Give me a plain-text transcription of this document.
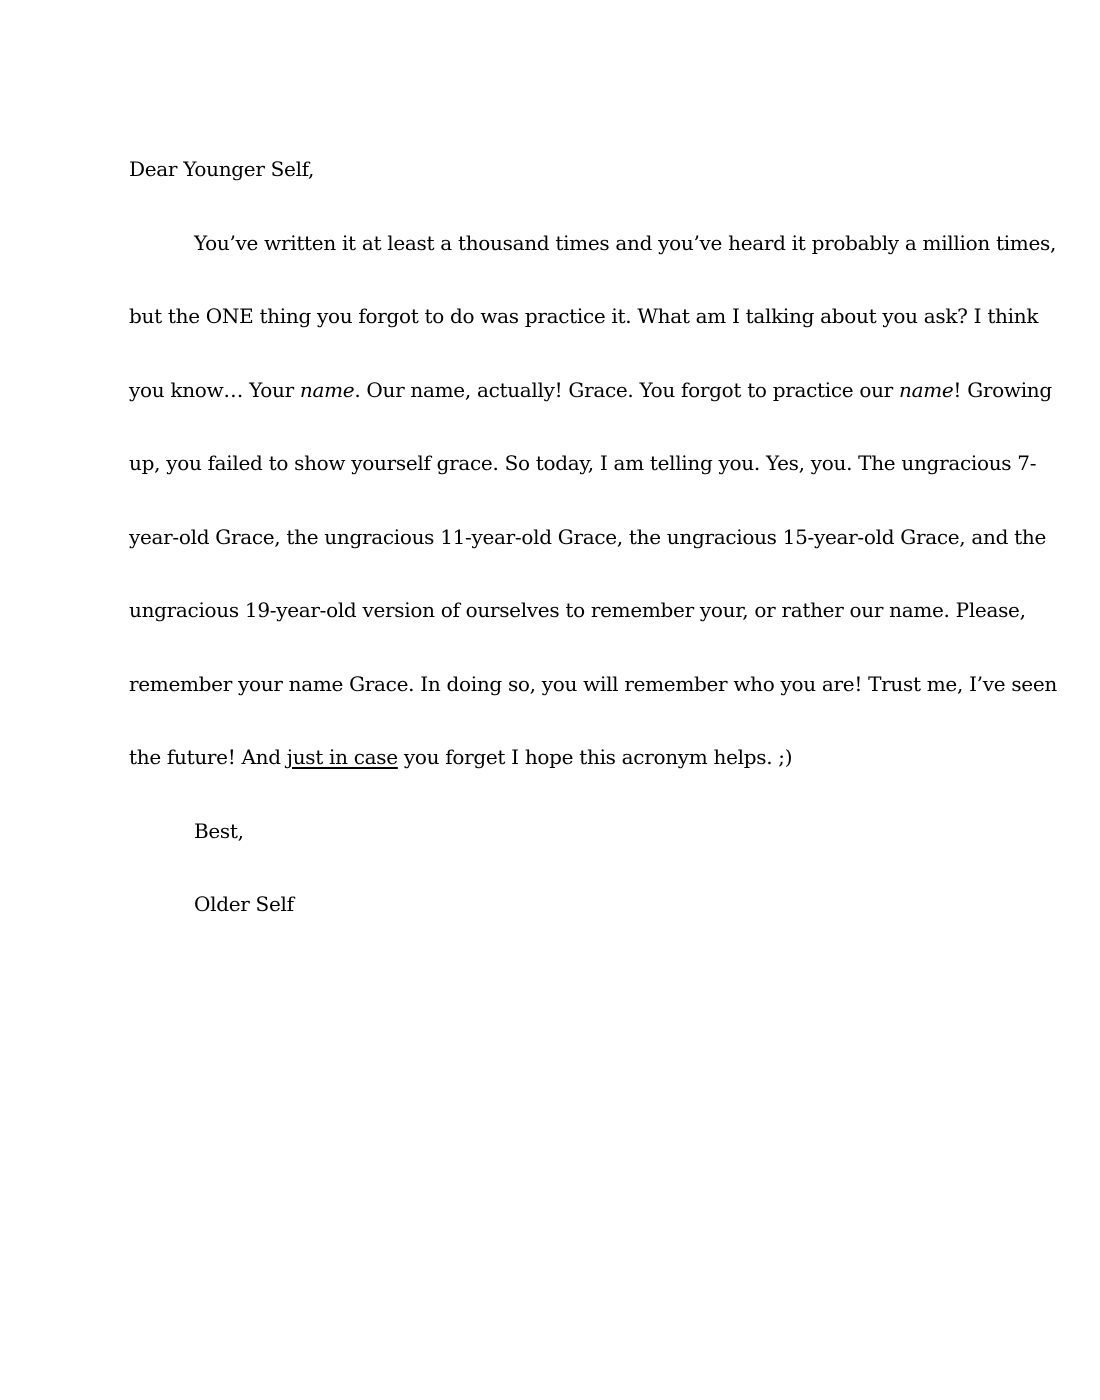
Dear Younger Self,
You’ve written it at least a thousand times and you’ve heard it probably a million times,
but the ONE thing you forgot to do was practice it. What am I talking about you ask? I think
you know… Your name. Our name, actually! Grace. You forgot to practice our name! Growing
up, you failed to show yourself grace. So today, I am telling you. Yes, you. The ungracious 7-
year-old Grace, the ungracious 11-year-old Grace, the ungracious 15-year-old Grace, and the
ungracious 19-year-old version of ourselves to remember your, or rather our name. Please,
remember your name Grace. In doing so, you will remember who you are! Trust me, I’ve seen
the future! And just in case you forget I hope this acronym helps. ;)
Best,
Older Self
